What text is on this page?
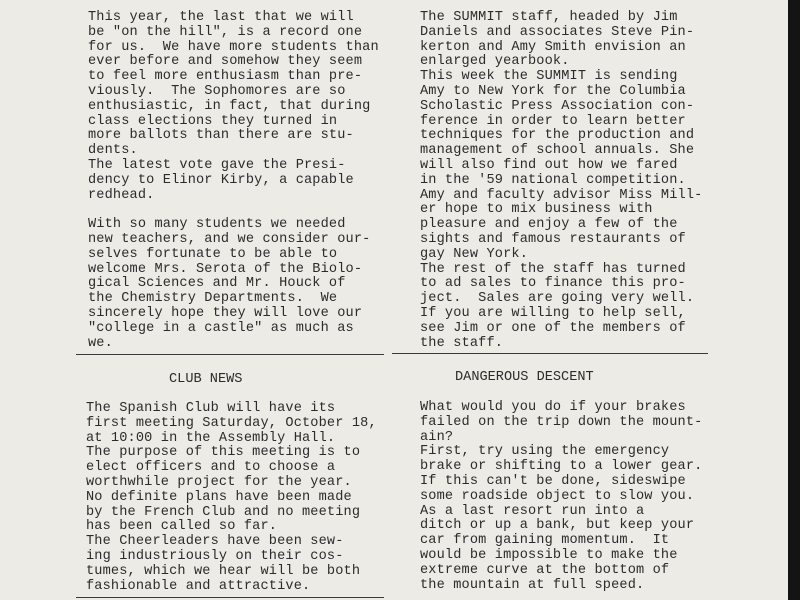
This year, the last that we will

be "on the hill", is a record one

for us.  We have more students than

ever before and somehow they seem

to feel more enthusiasm than pre-

viously.  The Sophomores are so

enthusiastic, in fact, that during

class elections they turned in

more ballots than there are stu-

dents.

The latest vote gave the Presi-

dency to Elinor Kirby, a capable

redhead.

With so many students we needed

new teachers, and we consider our-

selves fortunate to be able to

welcome Mrs. Serota of the Biolo-

gical Sciences and Mr. Houck of

the Chemistry Departments.  We

sincerely hope they will love our

"college in a castle" as much as

we.

The SUMMIT staff, headed by Jim

Daniels and associates Steve Pin-

kerton and Amy Smith envision an

enlarged yearbook.

This week the SUMMIT is sending

Amy to New York for the Columbia

Scholastic Press Association con-

ference in order to learn better

techniques for the production and

management of school annuals. She

will also find out how we fared

in the '59 national competition.

Amy and faculty advisor Miss Mill-

er hope to mix business with

pleasure and enjoy a few of the

sights and famous restaurants of

gay New York.

The rest of the staff has turned

to ad sales to finance this pro-

ject.  Sales are going very well.

If you are willing to help sell,

see Jim or one of the members of

the staff.

CLUB NEWS	DANGEROUS DESCENT

The Spanish Club will have its

first meeting Saturday, October 18,

at 10:00 in the Assembly Hall.

The purpose of this meeting is to

elect officers and to choose a

worthwhile project for the year.

No definite plans have been made

by the French Club and no meeting

has been called so far.

The Cheerleaders have been sew-

ing industriously on their cos-

tumes, which we hear will be both

fashionable and attractive.

What would you do if your brakes

failed on the trip down the mount-

ain?

First, try using the emergency

brake or shifting to a lower gear.

If this can't be done, sideswipe

some roadside object to slow you.

As a last resort run into a

ditch or up a bank, but keep your

car from gaining momentum.  It

would be impossible to make the

extreme curve at the bottom of

the mountain at full speed.
